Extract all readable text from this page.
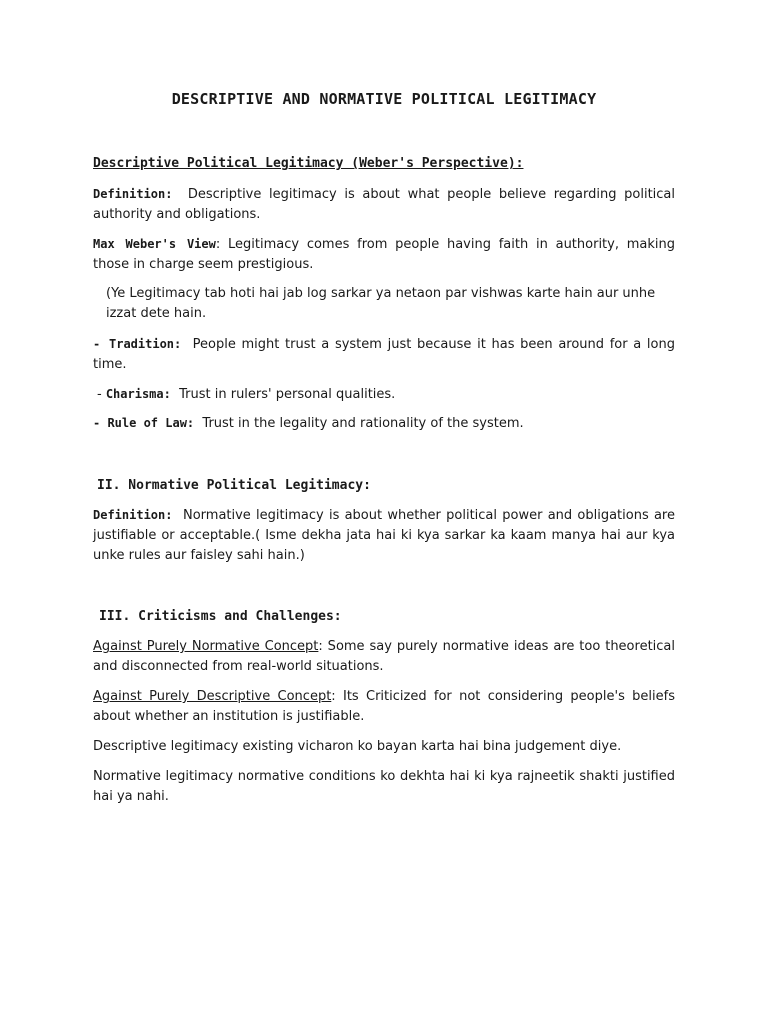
DESCRIPTIVE AND NORMATIVE POLITICAL LEGITIMACY

Descriptive Political Legitimacy (Weber's Perspective):

Definition: Descriptive legitimacy is about what people believe regarding political authority and obligations.

Max Weber's View: Legitimacy comes from people having faith in authority, making those in charge seem prestigious.

(Ye Legitimacy tab hoti hai jab log sarkar ya netaon par vishwas karte hain aur unhe izzat dete hain.

- Tradition: People might trust a system just because it has been around for a long time.

- Charisma: Trust in rulers' personal qualities.

- Rule of Law: Trust in the legality and rationality of the system.

II. Normative Political Legitimacy:

Definition: Normative legitimacy is about whether political power and obligations are justifiable or acceptable.( Isme dekha jata hai ki kya sarkar ka kaam manya hai aur kya unke rules aur faisley sahi hain.)

III. Criticisms and Challenges:

Against Purely Normative Concept: Some say purely normative ideas are too theoretical and disconnected from real-world situations.

Against Purely Descriptive Concept: Its Criticized for not considering people's beliefs about whether an institution is justifiable.

Descriptive legitimacy existing vicharon ko bayan karta hai bina judgement diye.

Normative legitimacy normative conditions ko dekhta hai ki kya rajneetik shakti justified hai ya nahi.
